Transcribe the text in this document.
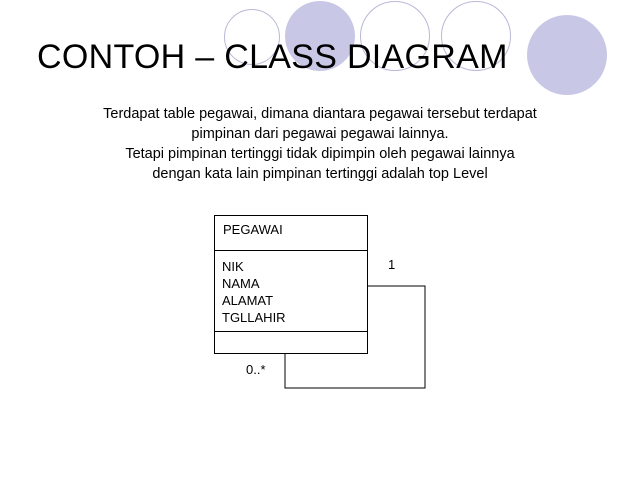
CONTOH – CLASS DIAGRAM
Terdapat table pegawai, dimana diantara pegawai tersebut terdapat
pimpinan dari pegawai pegawai lainnya.
Tetapi pimpinan tertinggi tidak dipimpin oleh pegawai lainnya
dengan kata lain pimpinan tertinggi adalah top Level
PEGAWAI
NIK
NAMA
ALAMAT
TGLLAHIR
1
0..*
